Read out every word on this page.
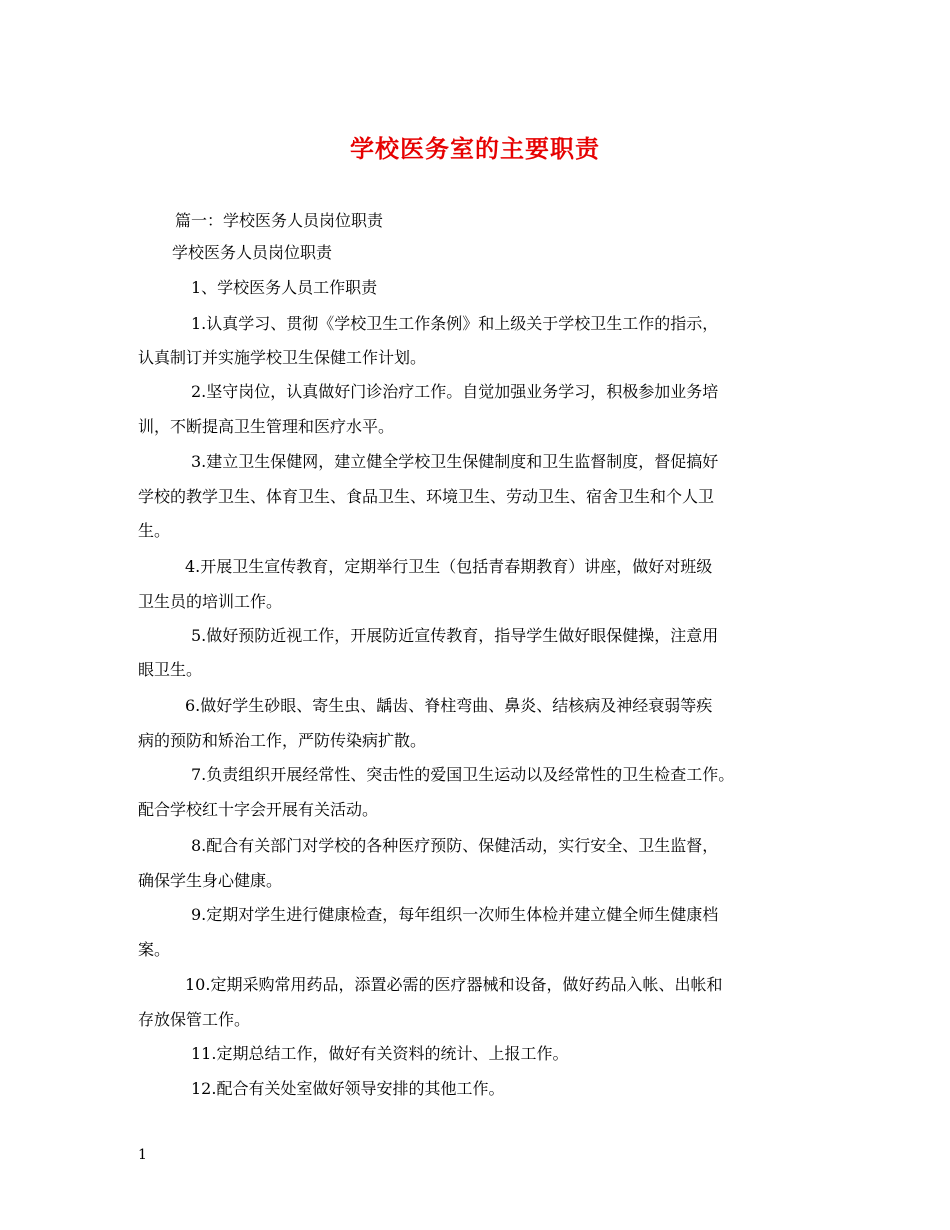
学校医务室的主要职责
篇一：学校医务人员岗位职责
学校医务人员岗位职责
1、学校医务人员工作职责
1.认真学习、贯彻《学校卫生工作条例》和上级关于学校卫生工作的指示，
认真制订并实施学校卫生保健工作计划。
2.坚守岗位，认真做好门诊治疗工作。自觉加强业务学习，积极参加业务培
训，不断提高卫生管理和医疗水平。
3.建立卫生保健网，建立健全学校卫生保健制度和卫生监督制度，督促搞好
学校的教学卫生、体育卫生、食品卫生、环境卫生、劳动卫生、宿舍卫生和个人卫
生。
4.开展卫生宣传教育，定期举行卫生（包括青春期教育）讲座，做好对班级
卫生员的培训工作。
5.做好预防近视工作，开展防近宣传教育，指导学生做好眼保健操，注意用
眼卫生。
6.做好学生砂眼、寄生虫、龋齿、脊柱弯曲、鼻炎、结核病及神经衰弱等疾
病的预防和矫治工作，严防传染病扩散。
7.负责组织开展经常性、突击性的爱国卫生运动以及经常性的卫生检查工作。
配合学校红十字会开展有关活动。
8.配合有关部门对学校的各种医疗预防、保健活动，实行安全、卫生监督，
确保学生身心健康。
9.定期对学生进行健康检查，每年组织一次师生体检并建立健全师生健康档
案。
10.定期采购常用药品，添置必需的医疗器械和设备，做好药品入帐、出帐和
存放保管工作。
11.定期总结工作，做好有关资料的统计、上报工作。
12.配合有关处室做好领导安排的其他工作。
1
